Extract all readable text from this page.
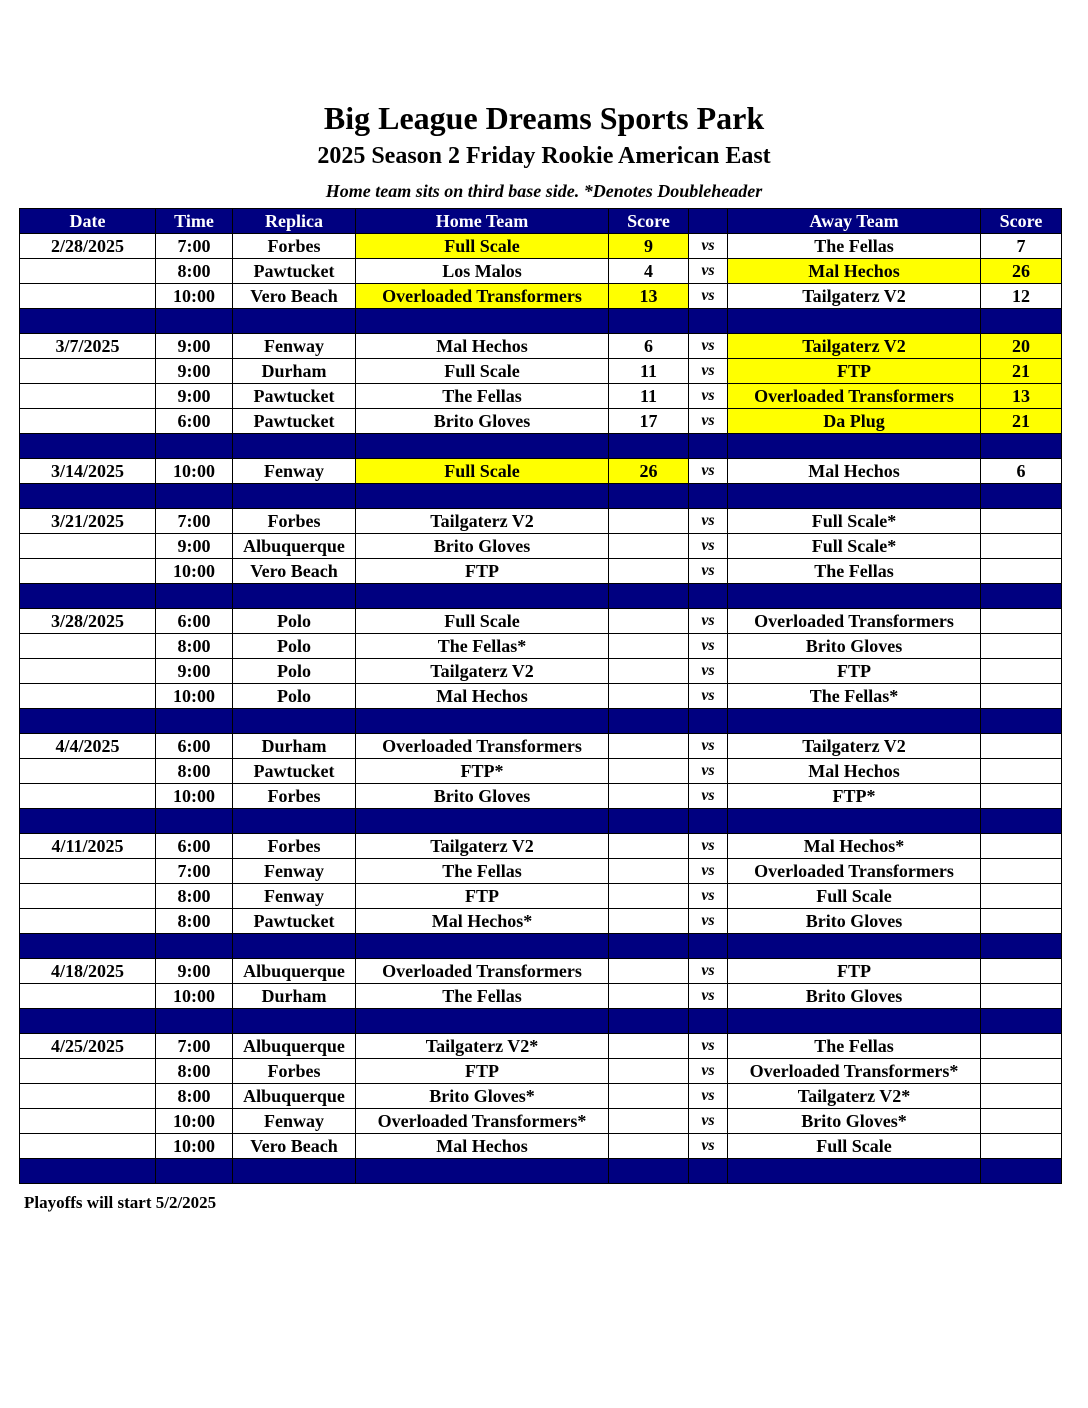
Big League Dreams Sports Park
2025 Season 2 Friday Rookie American East
Home team sits on third base side. *Denotes Doubleheader
Date	Time	Replica	Home Team	Score		Away Team	Score
2/28/2025	7:00	Forbes	Full Scale	9	vs	The Fellas	7
	8:00	Pawtucket	Los Malos	4	vs	Mal Hechos	26
	10:00	Vero Beach	Overloaded Transformers	13	vs	Tailgaterz V2	12

3/7/2025	9:00	Fenway	Mal Hechos	6	vs	Tailgaterz V2	20
	9:00	Durham	Full Scale	11	vs	FTP	21
	9:00	Pawtucket	The Fellas	11	vs	Overloaded Transformers	13
	6:00	Pawtucket	Brito Gloves	17	vs	Da Plug	21

3/14/2025	10:00	Fenway	Full Scale	26	vs	Mal Hechos	6

3/21/2025	7:00	Forbes	Tailgaterz V2		vs	Full Scale*	
	9:00	Albuquerque	Brito Gloves		vs	Full Scale*	
	10:00	Vero Beach	FTP		vs	The Fellas	

3/28/2025	6:00	Polo	Full Scale		vs	Overloaded Transformers	
	8:00	Polo	The Fellas*		vs	Brito Gloves	
	9:00	Polo	Tailgaterz V2		vs	FTP	
	10:00	Polo	Mal Hechos		vs	The Fellas*	

4/4/2025	6:00	Durham	Overloaded Transformers		vs	Tailgaterz V2	
	8:00	Pawtucket	FTP*		vs	Mal Hechos	
	10:00	Forbes	Brito Gloves		vs	FTP*	

4/11/2025	6:00	Forbes	Tailgaterz V2		vs	Mal Hechos*	
	7:00	Fenway	The Fellas		vs	Overloaded Transformers	
	8:00	Fenway	FTP		vs	Full Scale	
	8:00	Pawtucket	Mal Hechos*		vs	Brito Gloves	

4/18/2025	9:00	Albuquerque	Overloaded Transformers		vs	FTP	
	10:00	Durham	The Fellas		vs	Brito Gloves	

4/25/2025	7:00	Albuquerque	Tailgaterz V2*		vs	The Fellas	
	8:00	Forbes	FTP		vs	Overloaded Transformers*	
	8:00	Albuquerque	Brito Gloves*		vs	Tailgaterz V2*	
	10:00	Fenway	Overloaded Transformers*		vs	Brito Gloves*	
	10:00	Vero Beach	Mal Hechos		vs	Full Scale	

Playoffs will start 5/2/2025
